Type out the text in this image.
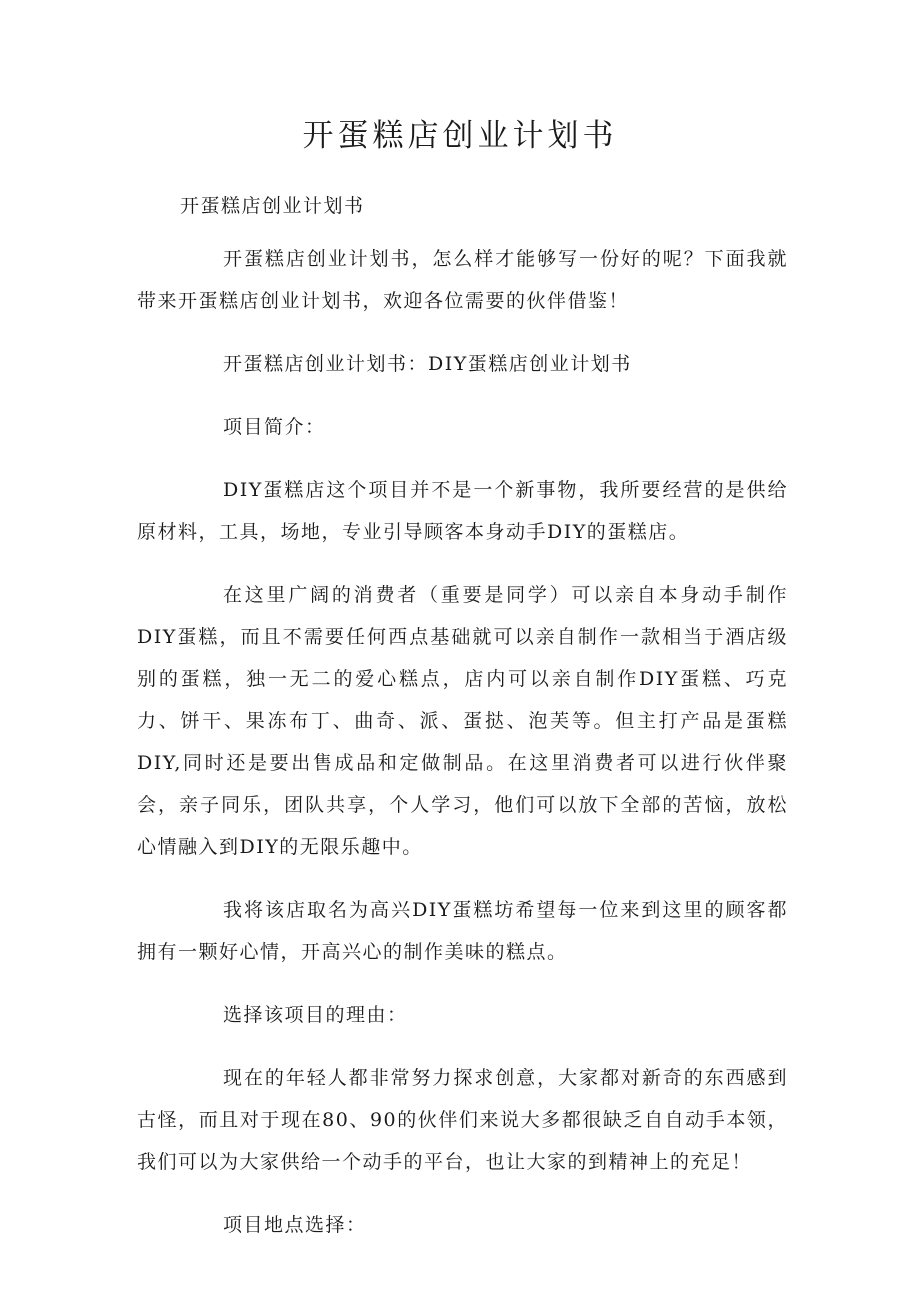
开蛋糕店创业计划书

开蛋糕店创业计划书

开蛋糕店创业计划书，怎么样才能够写一份好的呢？下面我就带来开蛋糕店创业计划书，欢迎各位需要的伙伴借鉴！

开蛋糕店创业计划书：DIY蛋糕店创业计划书

项目简介：

DIY蛋糕店这个项目并不是一个新事物，我所要经营的是供给原材料，工具，场地，专业引导顾客本身动手DIY的蛋糕店。

在这里广阔的消费者（重要是同学）可以亲自本身动手制作DIY蛋糕，而且不需要任何西点基础就可以亲自制作一款相当于酒店级别的蛋糕，独一无二的爱心糕点，店内可以亲自制作DIY蛋糕、巧克力、饼干、果冻布丁、曲奇、派、蛋挞、泡芙等。但主打产品是蛋糕DIY,同时还是要出售成品和定做制品。在这里消费者可以进行伙伴聚会，亲子同乐，团队共享，个人学习，他们可以放下全部的苦恼，放松心情融入到DIY的无限乐趣中。

我将该店取名为高兴DIY蛋糕坊希望每一位来到这里的顾客都拥有一颗好心情，开高兴心的制作美味的糕点。

选择该项目的理由：

现在的年轻人都非常努力探求创意，大家都对新奇的东西感到古怪，而且对于现在80、90的伙伴们来说大多都很缺乏自自动手本领，我们可以为大家供给一个动手的平台，也让大家的到精神上的充足！

项目地点选择：
